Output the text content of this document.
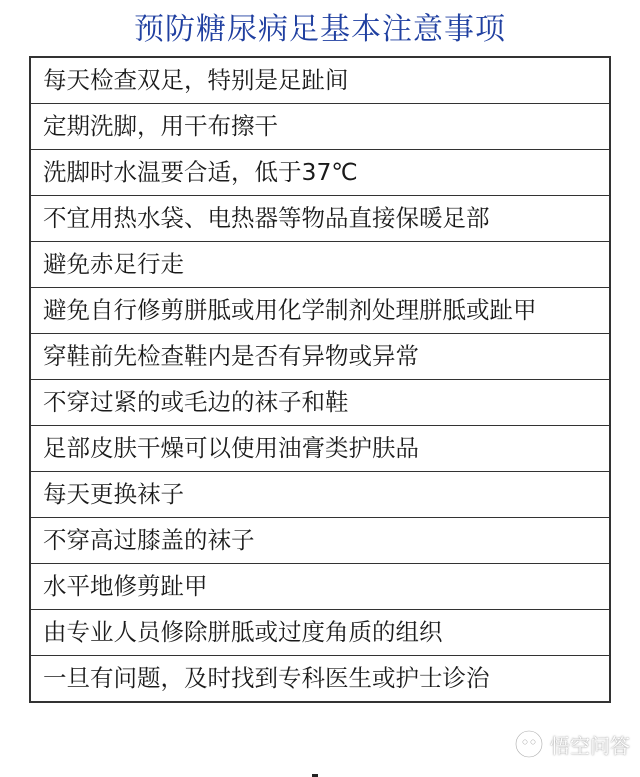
预防糖尿病足基本注意事项
每天检查双足，特别是足趾间
定期洗脚，用干布擦干
洗脚时水温要合适，低于37℃
不宜用热水袋、电热器等物品直接保暖足部
避免赤足行走
避免自行修剪胼胝或用化学制剂处理胼胝或趾甲
穿鞋前先检查鞋内是否有异物或异常
不穿过紧的或毛边的袜子和鞋
足部皮肤干燥可以使用油膏类护肤品
每天更换袜子
不穿高过膝盖的袜子
水平地修剪趾甲
由专业人员修除胼胝或过度角质的组织
一旦有问题，及时找到专科医生或护士诊治
悟空问答
